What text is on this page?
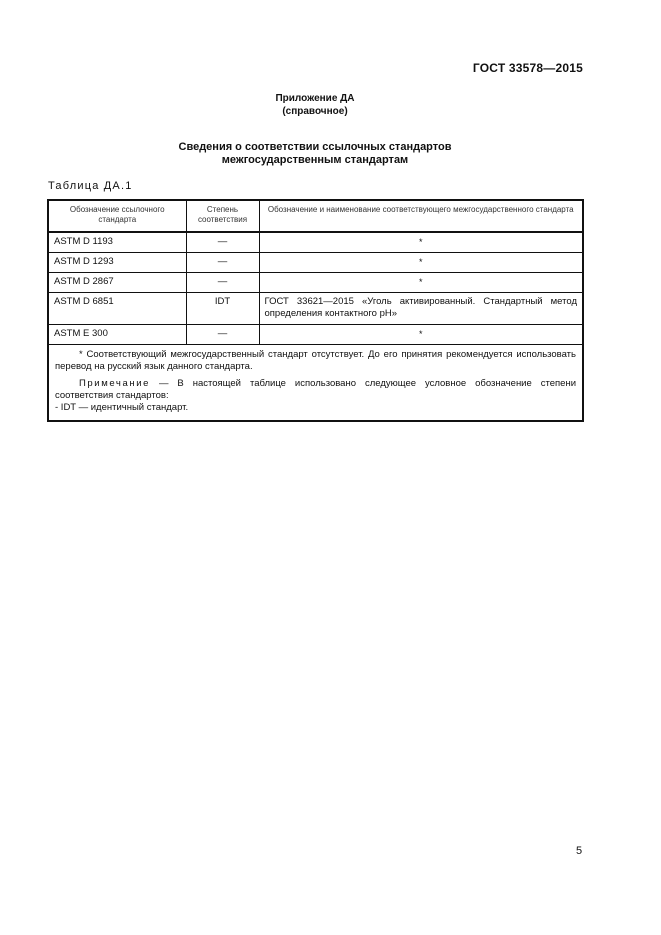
ГОСТ 33578—2015
Приложение ДА
(справочное)
Сведения о соответствии ссылочных стандартов
межгосударственным стандартам
Таблица ДА.1
Обозначение ссылочного стандарта	Степень соответствия	Обозначение и наименование соответствующего межгосударственного стандарта
ASTM D 1193	—	*
ASTM D 1293	—	*
ASTM D 2867	—	*
ASTM D 6851	IDT	ГОСТ 33621—2015 «Уголь активированный. Стандартный метод определения контактного pH»
ASTM E 300	—	*

* Соответствующий межгосударственный стандарт отсутствует. До его принятия рекомендуется использовать перевод на русский язык данного стандарта.

Примечание — В настоящей таблице использовано следующее условное обозначение степени соответствия стандартов:

- IDT — идентичный стандарт.		

5
